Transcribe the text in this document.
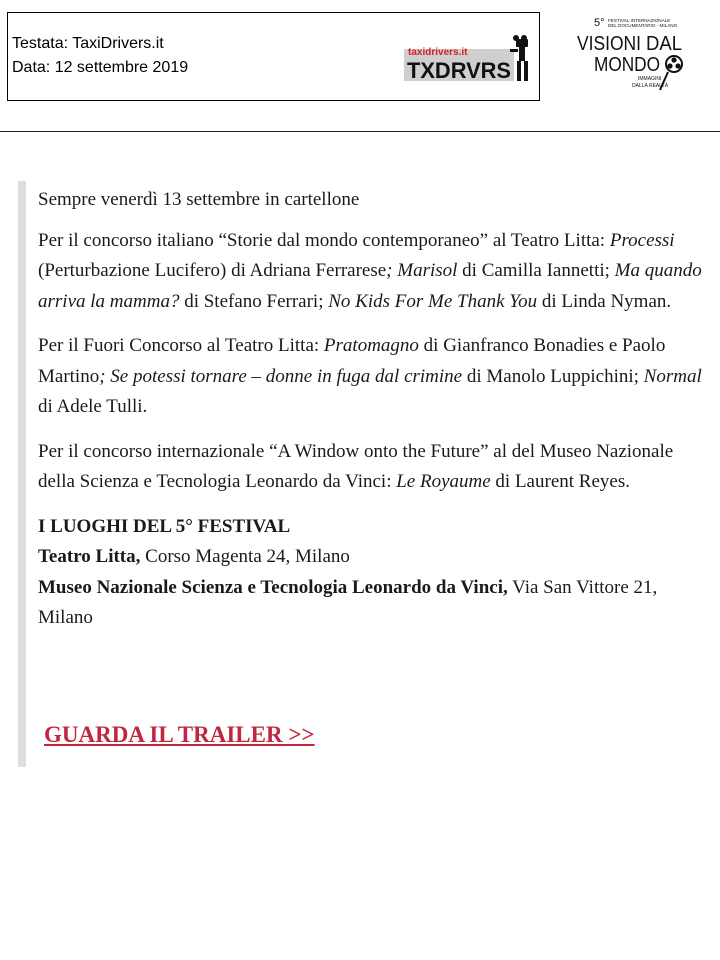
Testata: TaxiDrivers.it
Data: 12 settembre 2019
taxidrivers.it
TXDRVRS
5° FESTIVAL INTERNAZIONALE
DEL DOCUMENTARIO - MILANO
VISIONI DAL
MONDO
IMMAGINI
DALLA REALTÀ

Sempre venerdì 13 settembre in cartellone

Per il concorso italiano “Storie dal mondo contemporaneo” al Teatro Litta: Processi (Perturbazione Lucifero) di Adriana Ferrarese; Marisol di Camilla Iannetti; Ma quando arriva la mamma? di Stefano Ferrari; No Kids For Me Thank You di Linda Nyman.

Per il Fuori Concorso al Teatro Litta: Pratomagno di Gianfranco Bonadies e Paolo Martino; Se potessi tornare – donne in fuga dal crimine di Manolo Luppichini; Normal di Adele Tulli.

Per il concorso internazionale “A Window onto the Future” al del Museo Nazionale della Scienza e Tecnologia Leonardo da Vinci: Le Royaume di Laurent Reyes.

I LUOGHI DEL 5° FESTIVAL
Teatro Litta, Corso Magenta 24, Milano
Museo Nazionale Scienza e Tecnologia Leonardo da Vinci, Via San Vittore 21, Milano

GUARDA IL TRAILER >>
